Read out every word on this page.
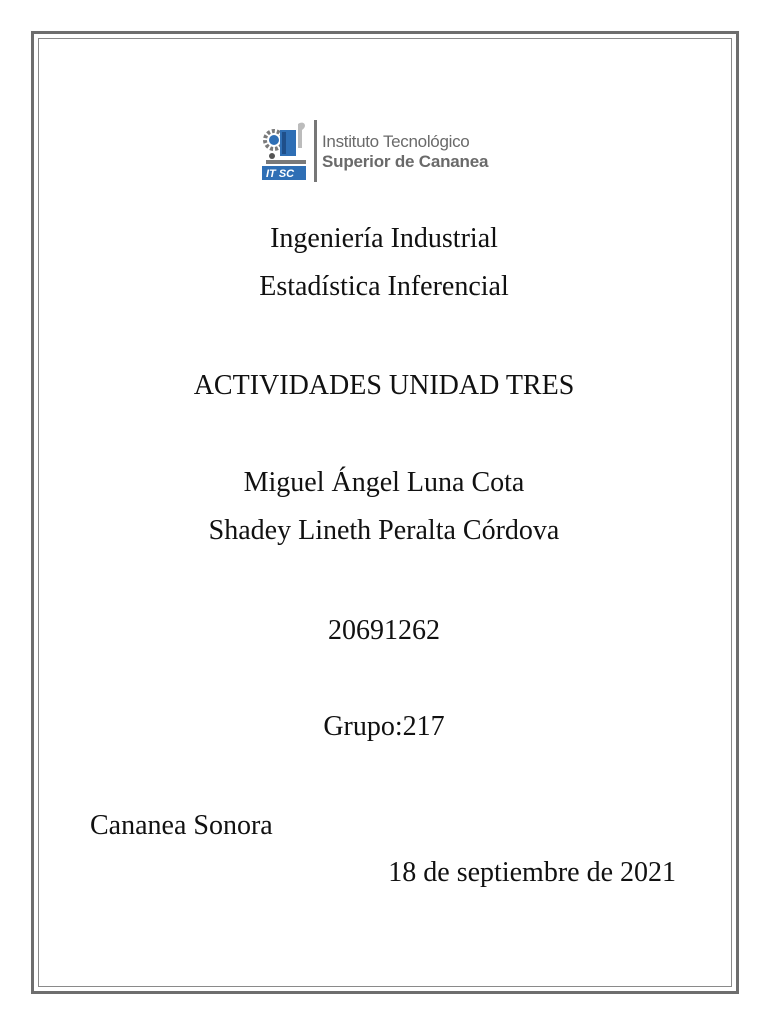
IT SC
Instituto Tecnológico
Superior de Cananea
Ingeniería Industrial
Estadística Inferencial
ACTIVIDADES UNIDAD TRES
Miguel Ángel Luna Cota
Shadey Lineth Peralta Córdova
20691262
Grupo:217
Cananea Sonora
18 de septiembre de 2021
